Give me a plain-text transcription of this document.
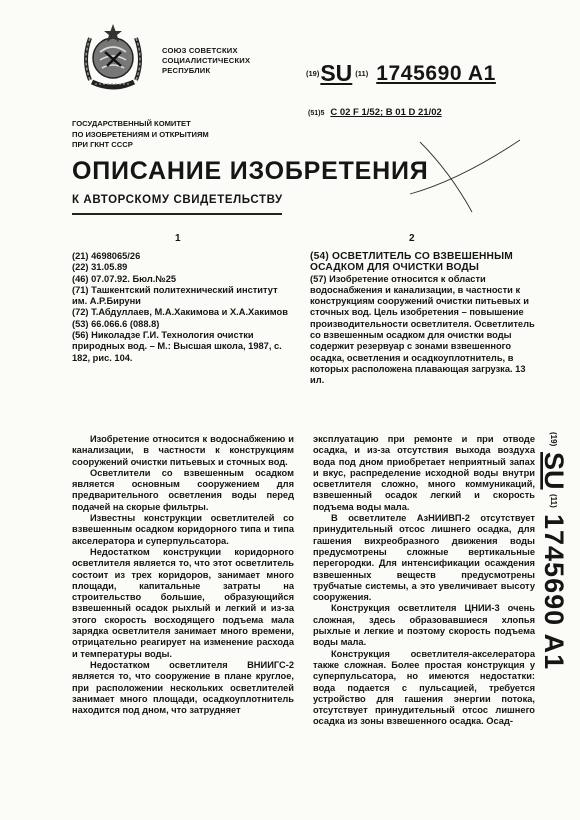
СОЮЗ СОВЕТСКИХ
СОЦИАЛИСТИЧЕСКИХ
РЕСПУБЛИК	(19)SU (11) 1745690 A1
(51)5 C 02 F 1/52; B 01 D 21/02
ГОСУДАРСТВЕННЫЙ КОМИТЕТ
ПО ИЗОБРЕТЕНИЯМ И ОТКРЫТИЯМ
ПРИ ГКНТ СССР
ОПИСАНИЕ ИЗОБРЕТЕНИЯ
К АВТОРСКОМУ СВИДЕТЕЛЬСТВУ
1	2
(21) 4698065/26
(22) 31.05.89
(46) 07.07.92. Бюл.№25
(71) Ташкентский политехнический институт им. А.Р.Бируни
(72) Т.Абдуллаев, М.А.Хакимова и Х.А.Хакимов
(53) 66.066.6 (088.8)
(56) Николадзе Г.И. Технология очистки природных вод. – М.: Высшая школа, 1987, с. 182, рис. 104.
(54) ОСВЕТЛИТЕЛЬ СО ВЗВЕШЕННЫМ ОСАДКОМ ДЛЯ ОЧИСТКИ ВОДЫ
(57) Изобретение относится к области водоснабжения и канализации, в частности к конструкциям сооружений очистки питьевых и сточных вод. Цель изобретения – повышение производительности осветлителя. Осветлитель со взвешенным осадком для очистки воды содержит резервуар с зонами взвешенного осадка, осветления и осадкоуплотнитель, в которых расположена плавающая загрузка. 13 ил.

Изобретение относится к водоснабжению и канализации, в частности к конструкциям сооружений очистки питьевых и сточных вод.

Осветлители со взвешенным осадком является основным сооружением для предварительного осветления воды перед подачей на скорые фильтры.

Известны конструкции осветлителей со взвешенным осадком коридорного типа и типа акселератора и суперпульсатора.

Недостатком конструкции коридорного осветлителя является то, что этот осветлитель состоит из трех коридоров, занимает много площади, капитальные затраты на строительство большие, образующийся взвешенный осадок рыхлый и легкий и из-за этого скорость восходящего подъема мала зарядка осветлителя занимает много времени, отрицательно реагирует на изменение расхода и температуры воды.

Недостатком осветлителя ВНИИГС-2 является то, что сооружение в плане круглое, при расположении нескольких осветлителей занимает много площади, осадкоуплотнитель находится под дном, что затрудняет

эксплуатацию при ремонте и при отводе осадка, и из-за отсутствия выхода воздуха вода под дном приобретает неприятный запах и вкус, распределение исходной воды внутри осветлителя сложно, много коммуникаций, взвешенный осадок легкий и скорость подъема воды мала.

В осветлителе АзНИИВП-2 отсутствует принудительный отсос лишнего осадка, для гашения вихреобразного движения воды предусмотрены сложные вертикальные перегородки. Для интенсификации осаждения взвешенных веществ предусмотрены трубчатые системы, а это увеличивает высоту сооружения.

Конструкция осветлителя ЦНИИ-3 очень сложная, здесь образовавшиеся хлопья рыхлые и легкие и поэтому скорость подъема воды мала.

Конструкция осветлителя-акселератора также сложная. Более простая конструкция у суперпульсатора, но имеются недостатки: вода подается с пульсацией, требуется устройство для гашения энергии потока, отсутствует принудительный отсос лишнего осадка из зоны взвешенного осадка. Осад-

(19)
SU
(11)
1745690 A1
